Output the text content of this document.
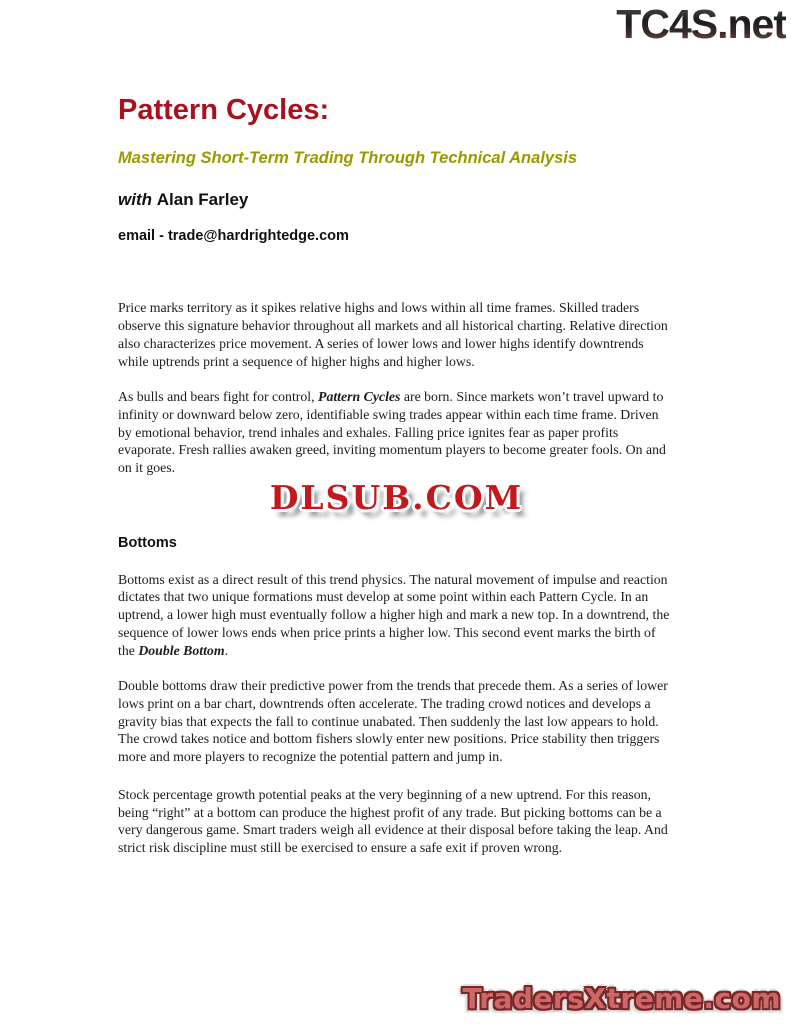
TC4S.net
Pattern Cycles:
Mastering Short-Term Trading Through Technical Analysis
with Alan Farley
email - trade@hardrightedge.com

Price marks territory as it spikes relative highs and lows within all time frames. Skilled traders observe this signature behavior throughout all markets and all historical charting. Relative direction also characterizes price movement. A series of lower lows and lower highs identify downtrends while uptrends print a sequence of higher highs and higher lows.

As bulls and bears fight for control, Pattern Cycles are born. Since markets won’t travel upward to infinity or downward below zero, identifiable swing trades appear within each time frame. Driven by emotional behavior, trend inhales and exhales. Falling price ignites fear as paper profits evaporate. Fresh rallies awaken greed, inviting momentum players to become greater fools. On and on it goes.

DLSUB.COM
Bottoms

Bottoms exist as a direct result of this trend physics. The natural movement of impulse and reaction dictates that two unique formations must develop at some point within each Pattern Cycle. In an uptrend, a lower high must eventually follow a higher high and mark a new top. In a downtrend, the sequence of lower lows ends when price prints a higher low. This second event marks the birth of the Double Bottom.

Double bottoms draw their predictive power from the trends that precede them. As a series of lower lows print on a bar chart, downtrends often accelerate. The trading crowd notices and develops a gravity bias that expects the fall to continue unabated. Then suddenly the last low appears to hold. The crowd takes notice and bottom fishers slowly enter new positions. Price stability then triggers more and more players to recognize the potential pattern and jump in.

Stock percentage growth potential peaks at the very beginning of a new uptrend. For this reason, being “right” at a bottom can produce the highest profit of any trade. But picking bottoms can be a very dangerous game. Smart traders weigh all evidence at their disposal before taking the leap. And strict risk discipline must still be exercised to ensure a safe exit if proven wrong.

TradersXtreme.com
